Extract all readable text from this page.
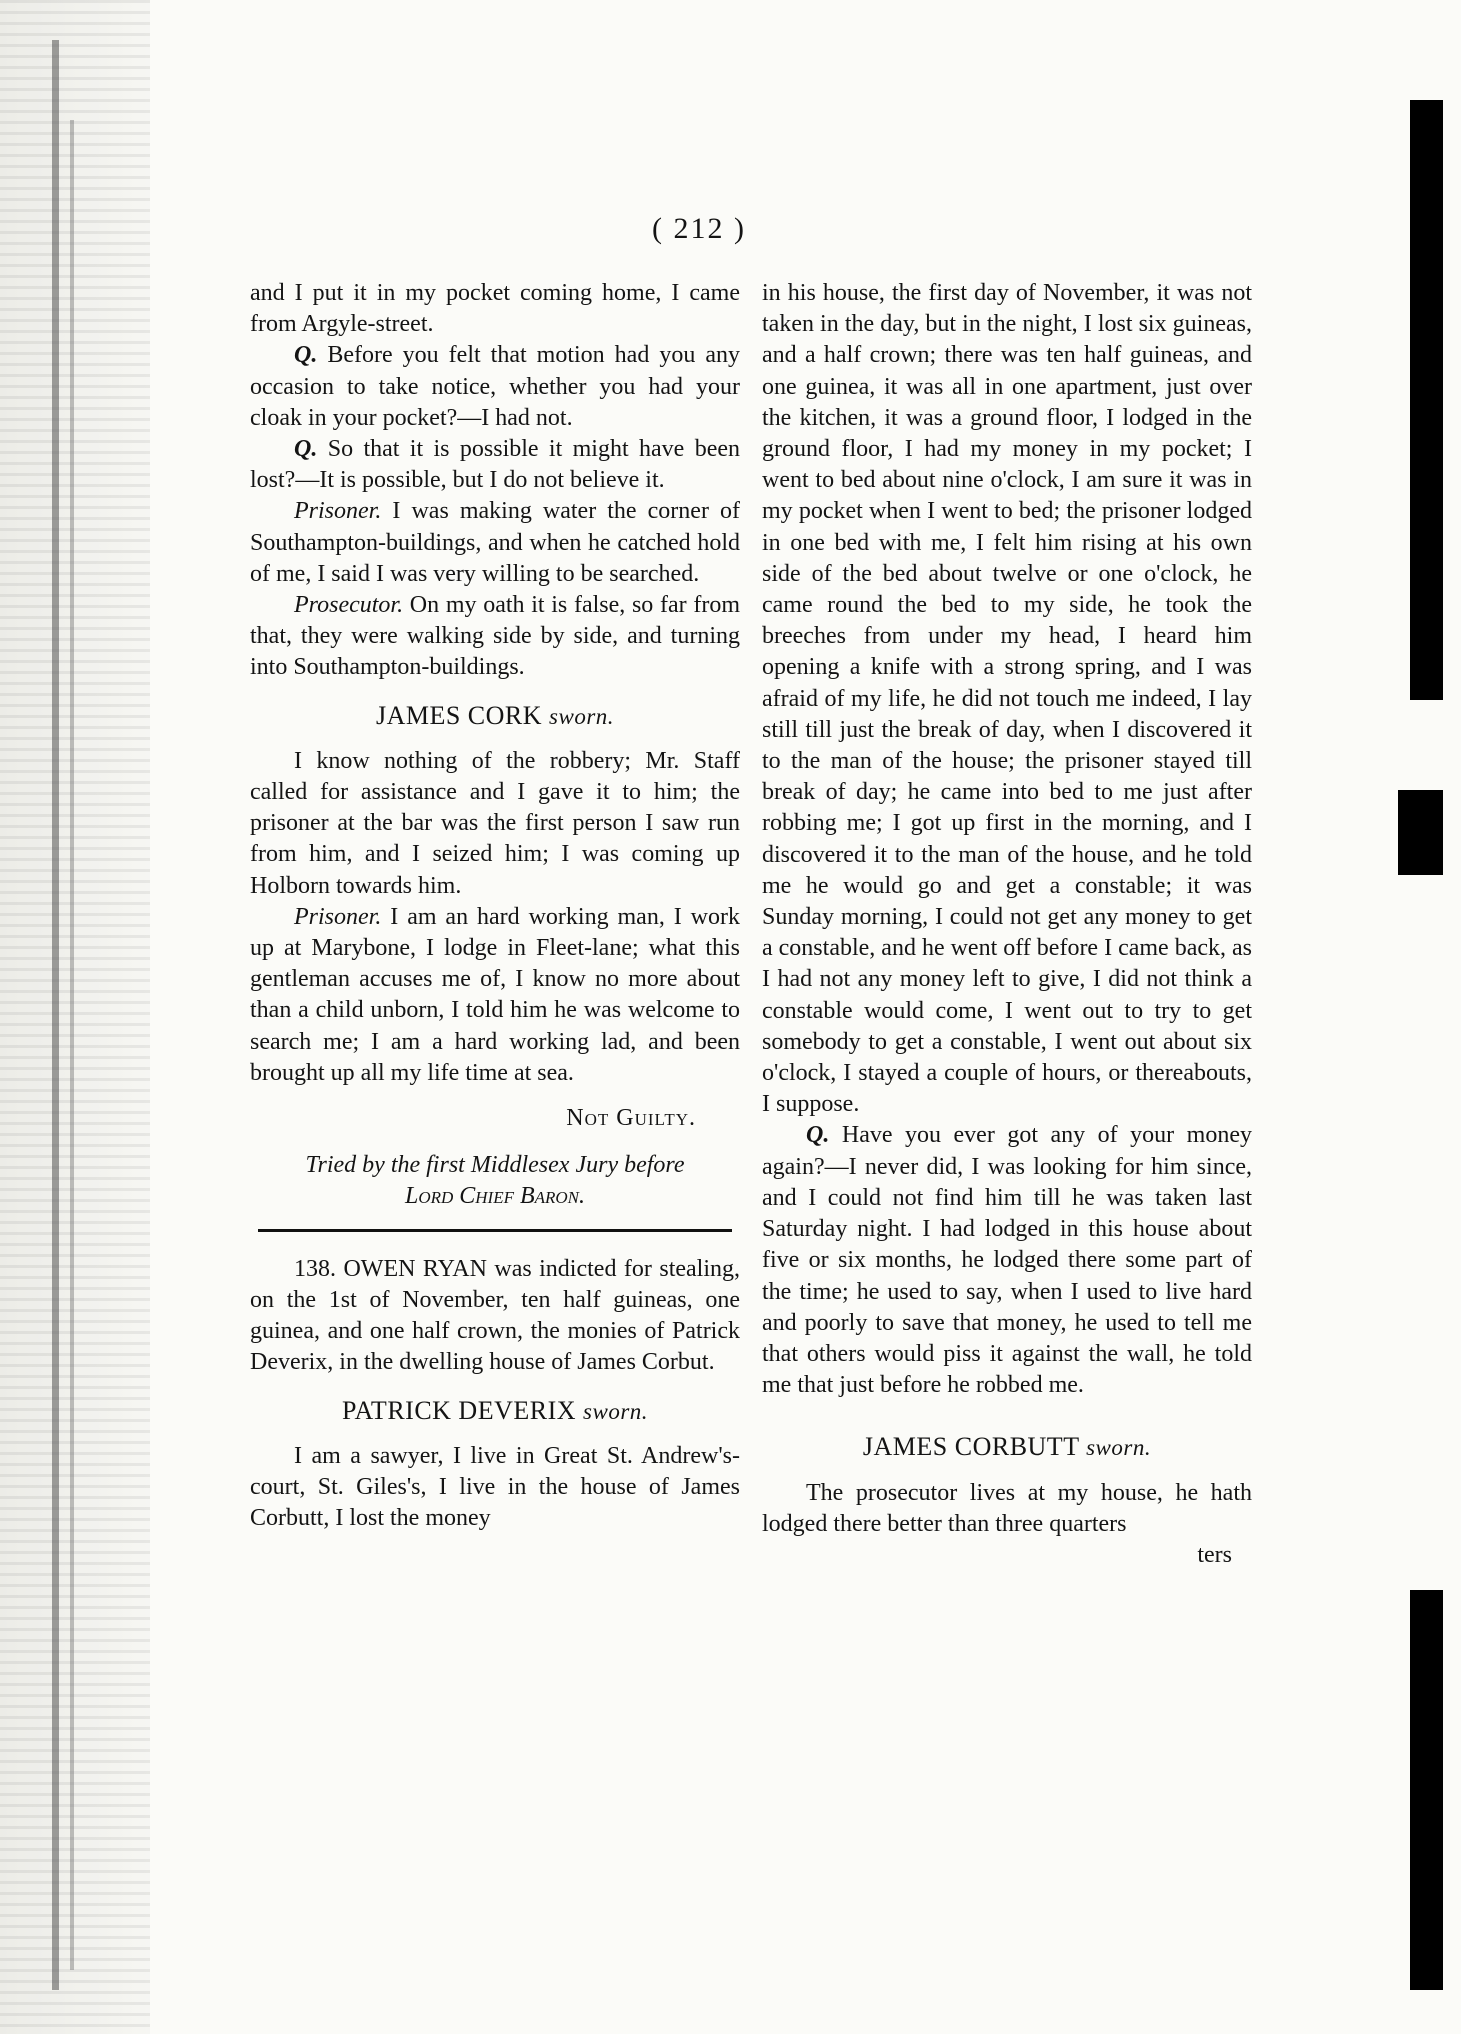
( 212 )

and I put it in my pocket coming home, I came from Argyle-street.

Q. Before you felt that motion had you any occasion to take notice, whether you had your cloak in your pocket?—I had not.

Q. So that it is possible it might have been lost?—It is possible, but I do not believe it.

Prisoner. I was making water the corner of Southampton-buildings, and when he catched hold of me, I said I was very willing to be searched.

Prosecutor. On my oath it is false, so far from that, they were walking side by side, and turning into Southampton-buildings.

JAMES CORK sworn.

I know nothing of the robbery; Mr. Staff called for assistance and I gave it to him; the prisoner at the bar was the first person I saw run from him, and I seized him; I was coming up Holborn towards him.

Prisoner. I am an hard working man, I work up at Marybone, I lodge in Fleet-lane; what this gentleman accuses me of, I know no more about than a child unborn, I told him he was welcome to search me; I am a hard working lad, and been brought up all my life time at sea.

Not Guilty.

Tried by the first Middlesex Jury before

Lord Chief Baron.

138. OWEN RYAN was indicted for stealing, on the 1st of November, ten half guineas, one guinea, and one half crown, the monies of Patrick Deverix, in the dwelling house of James Corbut.

PATRICK DEVERIX sworn.

I am a sawyer, I live in Great St. Andrew's-court, St. Giles's, I live in the house of James Corbutt, I lost the money

in his house, the first day of November, it was not taken in the day, but in the night, I lost six guineas, and a half crown; there was ten half guineas, and one guinea, it was all in one apartment, just over the kitchen, it was a ground floor, I lodged in the ground floor, I had my money in my pocket; I went to bed about nine o'clock, I am sure it was in my pocket when I went to bed; the prisoner lodged in one bed with me, I felt him rising at his own side of the bed about twelve or one o'clock, he came round the bed to my side, he took the breeches from under my head, I heard him opening a knife with a strong spring, and I was afraid of my life, he did not touch me indeed, I lay still till just the break of day, when I discovered it to the man of the house; the prisoner stayed till break of day; he came into bed to me just after robbing me; I got up first in the morning, and I discovered it to the man of the house, and he told me he would go and get a constable; it was Sunday morning, I could not get any money to get a constable, and he went off before I came back, as I had not any money left to give, I did not think a constable would come, I went out to try to get somebody to get a constable, I went out about six o'clock, I stayed a couple of hours, or thereabouts, I suppose.

Q. Have you ever got any of your money again?—I never did, I was looking for him since, and I could not find him till he was taken last Saturday night. I had lodged in this house about five or six months, he lodged there some part of the time; he used to say, when I used to live hard and poorly to save that money, he used to tell me that others would piss it against the wall, he told me that just before he robbed me.

JAMES CORBUTT sworn.

The prosecutor lives at my house, he hath lodged there better than three quarters

ters
